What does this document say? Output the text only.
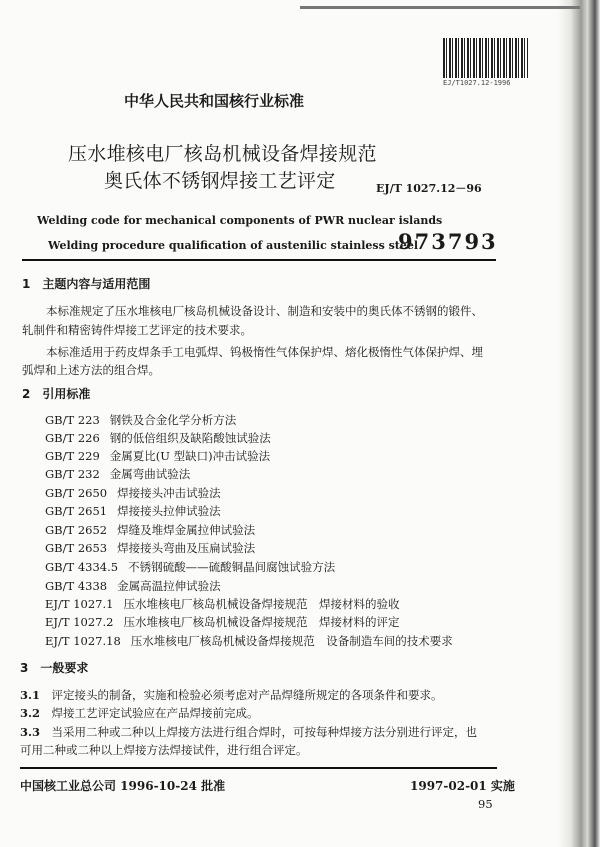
EJ/T1027.12-1996
中华人民共和国核行业标准
压水堆核电厂核岛机械设备焊接规范
奥氏体不锈钢焊接工艺评定	EJ/T 1027.12－96
Welding code for mechanical components of PWR nuclear islands
Welding procedure qualification of austenilic stainless steel
973793
1　主题内容与适用范围
本标准规定了压水堆核电厂核岛机械设备设计、制造和安装中的奥氏体不锈钢的锻件、
轧制件和精密铸件焊接工艺评定的技术要求。
本标准适用于药皮焊条手工电弧焊、钨极惰性气体保护焊、熔化极惰性气体保护焊、埋
弧焊和上述方法的组合焊。
2　引用标准
GB/T 223 钢铁及合金化学分析方法
GB/T 226 钢的低倍组织及缺陷酸蚀试验法
GB/T 229 金属夏比(U 型缺口)冲击试验法
GB/T 232 金属弯曲试验法
GB/T 2650 焊接接头冲击试验法
GB/T 2651 焊接接头拉伸试验法
GB/T 2652 焊缝及堆焊金属拉伸试验法
GB/T 2653 焊接接头弯曲及压扁试验法
GB/T 4334.5 不锈钢硫酸——硫酸铜晶间腐蚀试验方法
GB/T 4338 金属高温拉伸试验法
EJ/T 1027.1 压水堆核电厂核岛机械设备焊接规范　焊接材料的验收
EJ/T 1027.2 压水堆核电厂核岛机械设备焊接规范　焊接材料的评定
EJ/T 1027.18 压水堆核电厂核岛机械设备焊接规范　设备制造车间的技术要求
3　一般要求
3.1　 评定接头的制备，实施和检验必须考虑对产品焊缝所规定的各项条件和要求。
3.2　 焊接工艺评定试验应在产品焊接前完成。
3.3　 当采用二种或二种以上焊接方法进行组合焊时，可按每种焊接方法分别进行评定，也
可用二种或二种以上焊接方法焊接试件，进行组合评定。
中国核工业总公司 1996-10-24 批准	1997-02-01 实施
95
